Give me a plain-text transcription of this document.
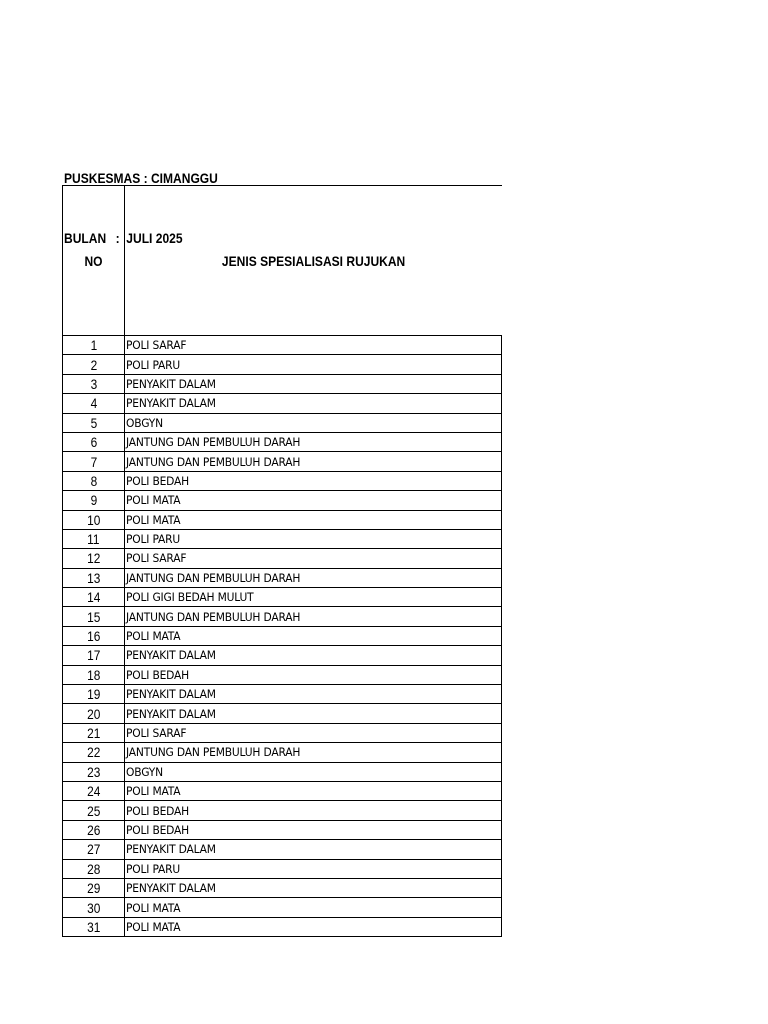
PUSKESMAS : CIMANGGU

BULAN : JULI 2025

NO	JENIS SPESIALISASI RUJUKAN
1	POLI SARAF
2	POLI PARU
3	PENYAKIT DALAM
4	PENYAKIT DALAM
5	OBGYN
6	JANTUNG DAN PEMBULUH DARAH
7	JANTUNG DAN PEMBULUH DARAH
8	POLI BEDAH
9	POLI MATA
10	POLI MATA
11	POLI PARU
12	POLI SARAF
13	JANTUNG DAN PEMBULUH DARAH
14	POLI GIGI BEDAH MULUT
15	JANTUNG DAN PEMBULUH DARAH
16	POLI MATA
17	PENYAKIT DALAM
18	POLI BEDAH
19	PENYAKIT DALAM
20	PENYAKIT DALAM
21	POLI SARAF
22	JANTUNG DAN PEMBULUH DARAH
23	OBGYN
24	POLI MATA
25	POLI BEDAH
26	POLI BEDAH
27	PENYAKIT DALAM
28	POLI PARU
29	PENYAKIT DALAM
30	POLI MATA
31	POLI MATA
